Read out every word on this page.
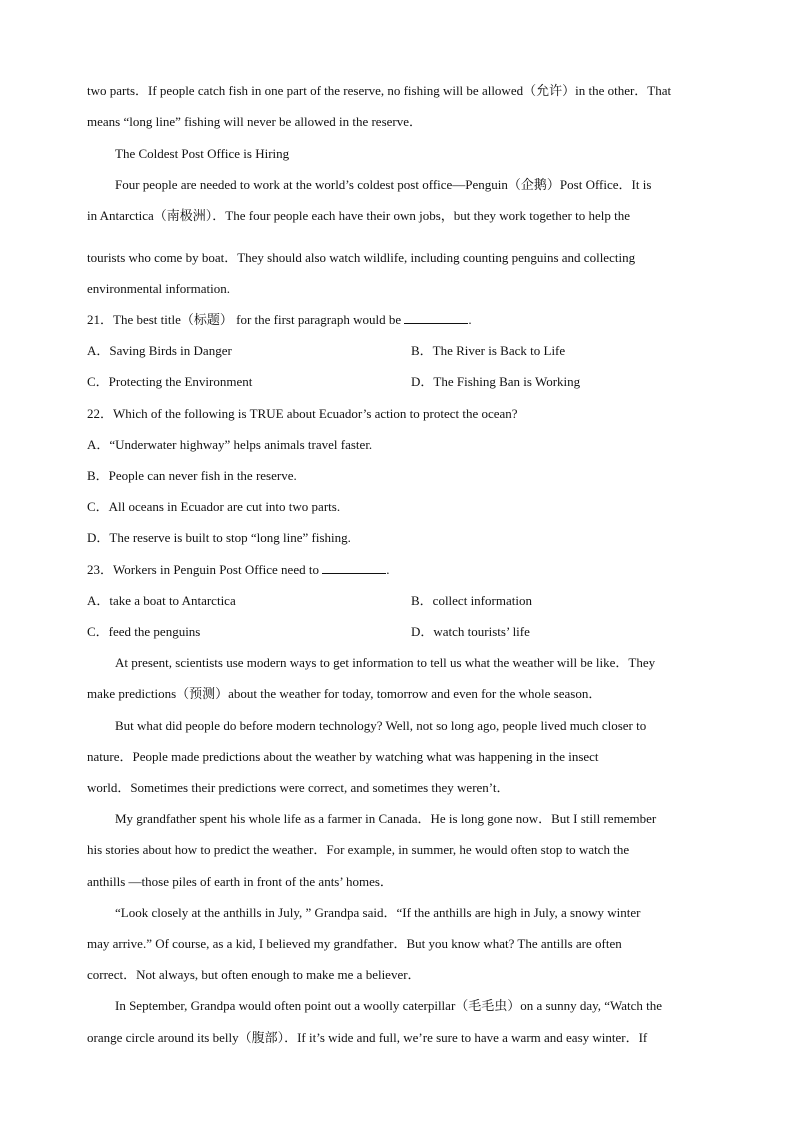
two parts．If people catch fish in one part of the reserve, no fishing will be allowed（允许）in the other．That
means “long line” fishing will never be allowed in the reserve．
The Coldest Post Office is Hiring
Four people are needed to work at the world’s coldest post office—Penguin（企鹅）Post Office．It is
in Antarctica（南极洲）．The four people each have their own jobs，but they work together to help the
tourists who come by boat．They should also watch wildlife, including counting penguins and collecting
environmental information.
21．The best title（标题） for the first paragraph would be	.
A．Saving Birds in Danger	B．The River is Back to Life
C．Protecting the Environment	D．The Fishing Ban is Working
22．Which of the following is TRUE about Ecuador’s action to protect the ocean?
A．“Underwater highway” helps animals travel faster.
B．People can never fish in the reserve.
C．All oceans in Ecuador are cut into two parts.
D．The reserve is built to stop “long line” fishing.
23．Workers in Penguin Post Office need to	.
A．take a boat to Antarctica	B．collect information
C．feed the penguins	D．watch tourists’ life
At present, scientists use modern ways to get information to tell us what the weather will be like．They
make predictions（预测）about the weather for today, tomorrow and even for the whole season．
But what did people do before modern technology? Well, not so long ago, people lived much closer to
nature．People made predictions about the weather by watching what was happening in the insect
world．Sometimes their predictions were correct, and sometimes they weren’t．
My grandfather spent his whole life as a farmer in Canada．He is long gone now．But I still remember
his stories about how to predict the weather．For example, in summer, he would often stop to watch the
anthills —those piles of earth in front of the ants’ homes．
“Look closely at the anthills in July, ” Grandpa said．“If the anthills are high in July, a snowy winter
may arrive.” Of course, as a kid, I believed my grandfather．But you know what? The antills are often
correct．Not always, but often enough to make me a believer．
In September, Grandpa would often point out a woolly caterpillar（毛毛虫）on a sunny day, “Watch the
orange circle around its belly（腹部）．If it’s wide and full, we’re sure to have a warm and easy winter．If
